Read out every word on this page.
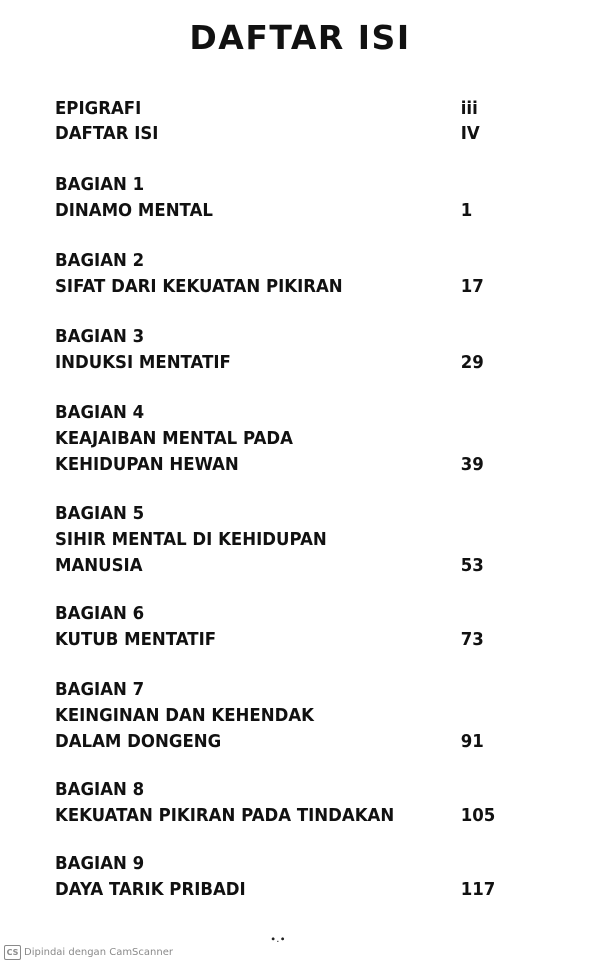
DAFTAR ISI
EPIGRAFI	iii
DAFTAR ISI	IV
BAGIAN 1
DINAMO MENTAL	1
BAGIAN 2
SIFAT DARI KEKUATAN PIKIRAN	17
BAGIAN 3
INDUKSI MENTATIF	29
BAGIAN 4
KEAJAIBAN MENTAL PADA
KEHIDUPAN HEWAN	39
BAGIAN 5
SIHIR MENTAL DI KEHIDUPAN
MANUSIA	53
BAGIAN 6
KUTUB MENTATIF	73
BAGIAN 7
KEINGINAN DAN KEHENDAK
DALAM DONGENG	91
BAGIAN 8
KEKUATAN PIKIRAN PADA TINDAKAN	105
BAGIAN 9
DAYA TARIK PRIBADI	117
∙.∙
CS Dipindai dengan CamScanner
